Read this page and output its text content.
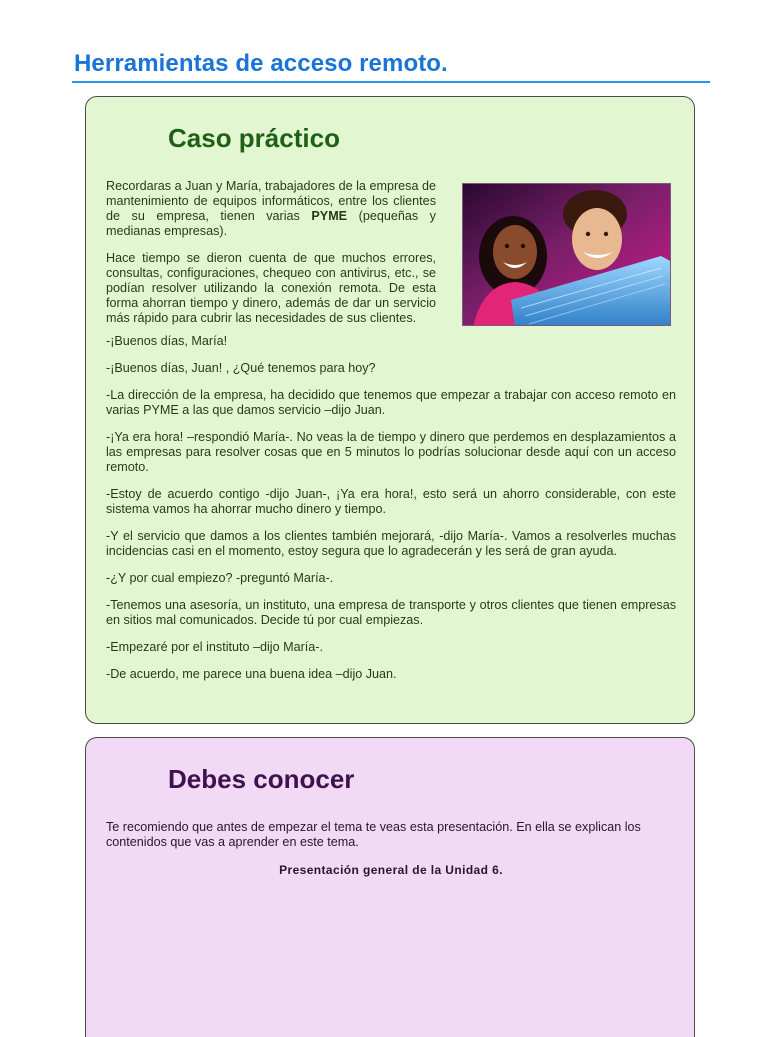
Herramientas de acceso remoto.
Caso práctico

Recordaras a Juan y María, trabajadores de la empresa de mantenimiento de equipos informáticos, entre los clientes de su empresa, tienen varias PYME (pequeñas y medianas empresas).

Hace tiempo se dieron cuenta de que muchos errores, consultas, configuraciones, chequeo con antivirus, etc., se podían resolver utilizando la conexión remota. De esta forma ahorran tiempo y dinero, además de dar un servicio más rápido para cubrir las necesidades de sus clientes.

-¡Buenos días, María!

-¡Buenos días, Juan! , ¿Qué tenemos para hoy?

-La dirección de la empresa, ha decidido que tenemos que empezar a trabajar con acceso remoto en varias PYME a las que damos servicio –dijo Juan.

-¡Ya era hora! –respondió María-. No veas la de tiempo y dinero que perdemos en desplazamientos a las empresas para resolver cosas que en 5 minutos lo podrías solucionar desde aquí con un acceso remoto.

-Estoy de acuerdo contigo -dijo Juan-, ¡Ya era hora!, esto será un ahorro considerable, con este sistema vamos ha ahorrar mucho dinero y tiempo.

-Y el servicio que damos a los clientes también mejorará, -dijo María-. Vamos a resolverles muchas incidencias casi en el momento, estoy segura que lo agradecerán y les será de gran ayuda.

-¿Y por cual empiezo? -preguntó María-.

-Tenemos una asesoría, un instituto, una empresa de transporte y otros clientes que tienen empresas en sitios mal comunicados. Decide tú por cual empiezas.

-Empezaré por el instituto –dijo María-.

-De acuerdo, me parece una buena idea –dijo Juan.

Debes conocer

Te recomiendo que antes de empezar el tema te veas esta presentación. En ella se explican los contenidos que vas a aprender en este tema.

Presentación general de la Unidad 6.
